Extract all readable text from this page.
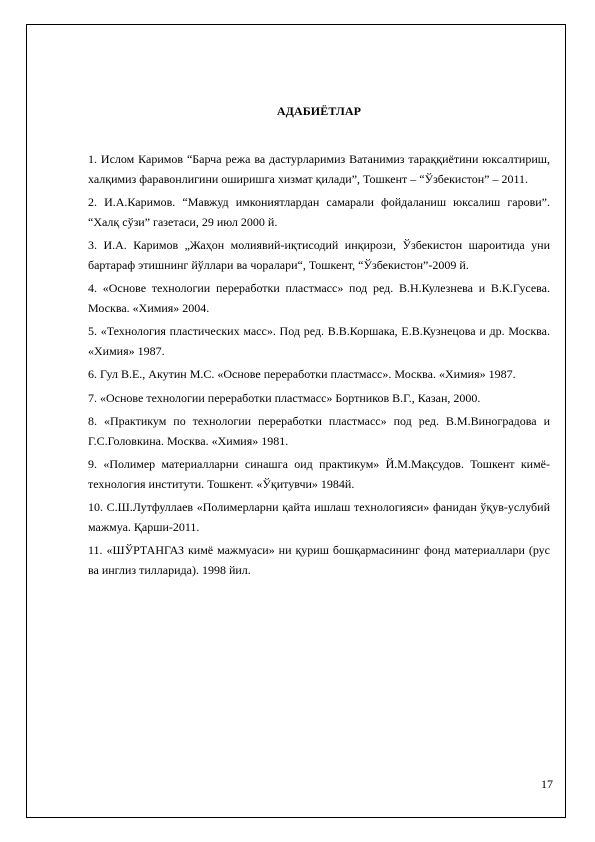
АДАБИЁТЛАР
1. Ислом Каримов “Барча режа ва дастурларимиз Ватанимиз тараққиётини юксалтириш, халқимиз фаравонлигини оширишга хизмат қилади”, Тошкент – “Ўзбекистон” – 2011.
2. И.А.Каримов. “Мавжуд имкониятлардан самарали фойдаланиш юксалиш гарови”. “Халқ сўзи” газетаси, 29 июл 2000 й.
3. И.А. Каримов „Жаҳон молиявий-иқтисодий инқирози, Ўзбекистон шароитида уни бартараф этишнинг йўллари ва чоралари“, Тошкент, “Ўзбекистон”-2009 й.
4. «Основе технологии переработки пластмасс» под ред. В.Н.Кулезнева и В.К.Гусева. Москва. «Химия» 2004.
5. «Технология пластических масс». Под ред. В.В.Коршака, Е.В.Кузнецова и др. Москва. «Химия» 1987.
6. Гул В.Е., Акутин М.С. «Основе переработки пластмасс». Москва. «Химия» 1987.
7. «Основе технологии переработки пластмасс» Бортников В.Г., Казан, 2000.
8. «Практикум по технологии переработки пластмасс» под ред. В.М.Виноградова и Г.С.Головкина. Москва. «Химия» 1981.
9. «Полимер материалларни синашга оид практикум» Й.М.Мақсудов. Тошкент кимё-технология институти. Тошкент. «Ўқитувчи» 1984й.
10. С.Ш.Лутфуллаев «Полимерларни қайта ишлаш технологияси» фанидан ўқув-услубий мажмуа. Қарши-2011.
11. «ШЎРТАНГАЗ кимё мажмуаси» ни қуриш бошқармасининг фонд материаллари (рус ва инглиз тилларида). 1998 йил.
17
